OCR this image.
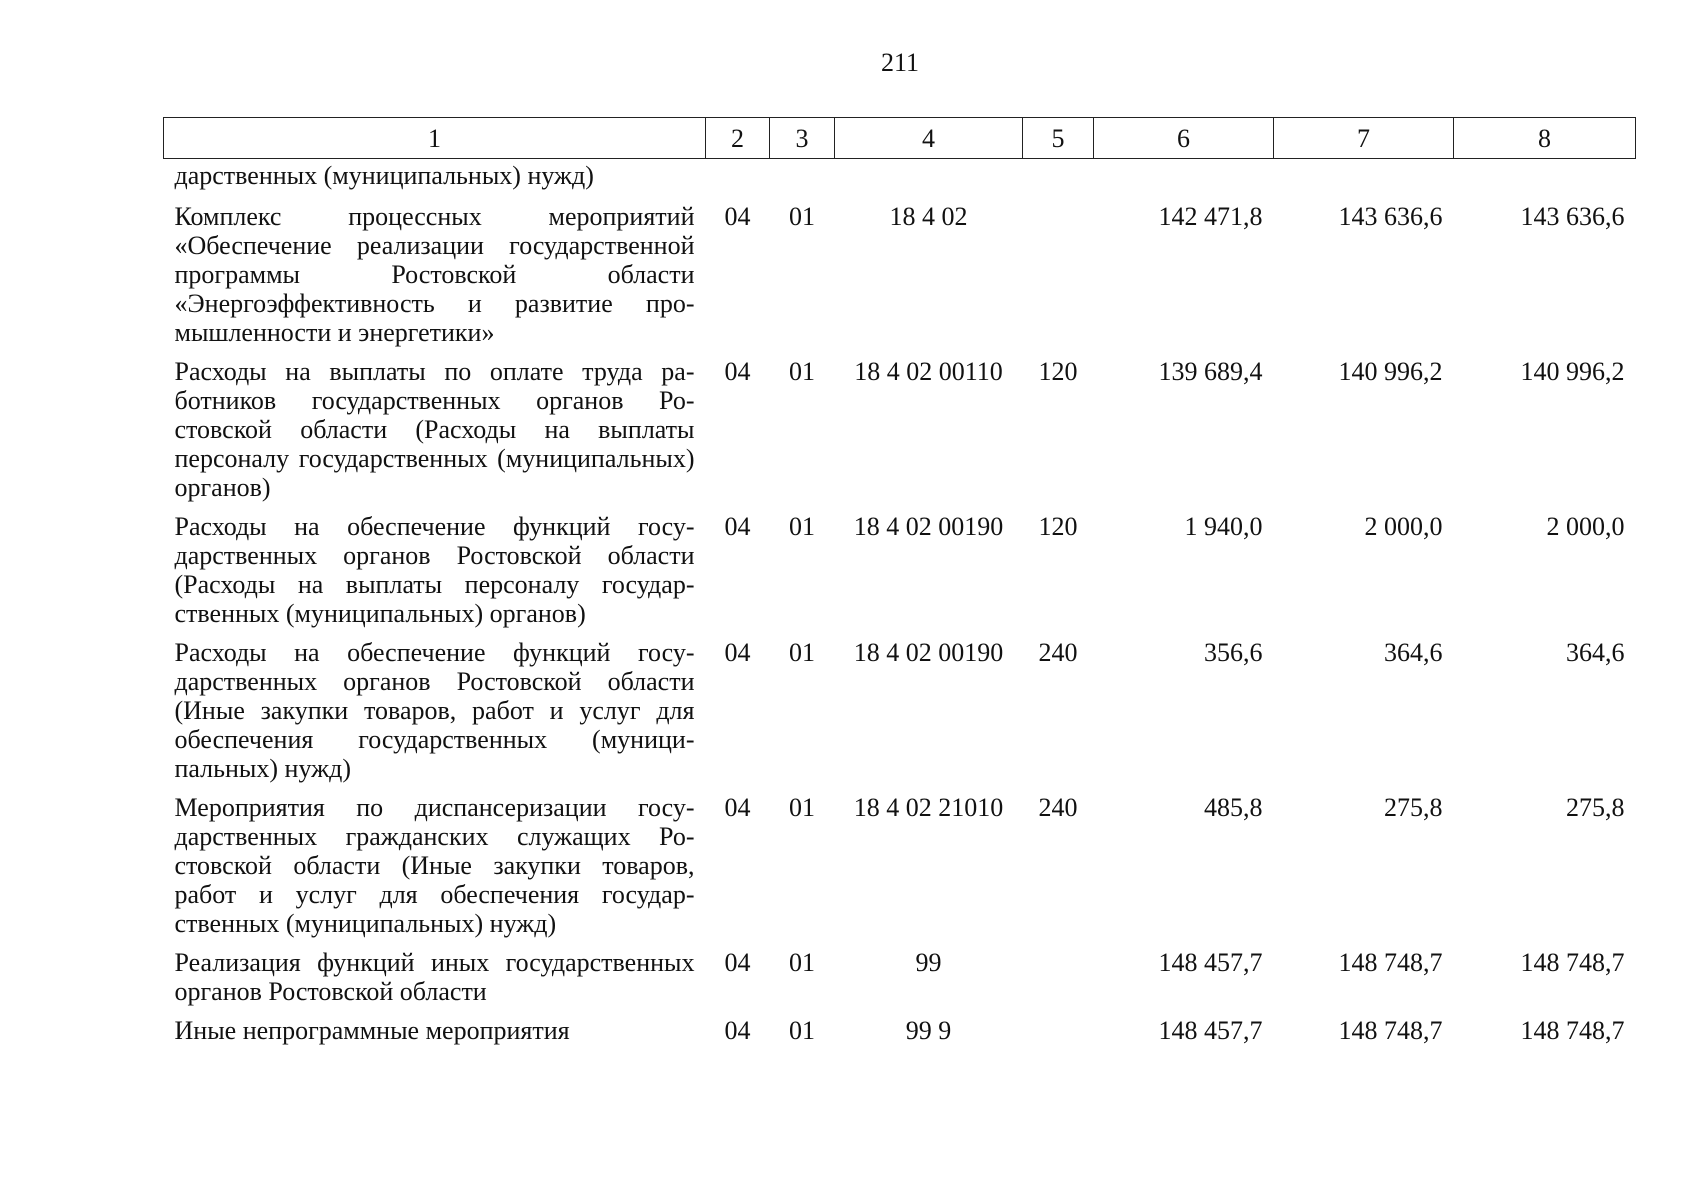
211
1	2	3	4	5	6	7	8
дарственных (муниципальных) нужд)							
Комплекс процессных мероприятий «Обеспечение реализации государственной программы Ростовской области «Энергоэффективность и развитие промышленности и энергетики»	04	01	18 4 02		142 471,8	143 636,6	143 636,6
Расходы на выплаты по оплате труда работников государственных органов Ростовской области (Расходы на выплаты персоналу государственных (муниципальных) органов)	04	01	18 4 02 00110	120	139 689,4	140 996,2	140 996,2
Расходы на обеспечение функций государственных органов Ростовской области (Расходы на выплаты персоналу государственных (муниципальных) органов)	04	01	18 4 02 00190	120	1 940,0	2 000,0	2 000,0
Расходы на обеспечение функций государственных органов Ростовской области (Иные закупки товаров, работ и услуг для обеспечения государственных (муниципальных) нужд)	04	01	18 4 02 00190	240	356,6	364,6	364,6
Мероприятия по диспансеризации государственных гражданских служащих Ростовской области (Иные закупки товаров, работ и услуг для обеспечения государственных (муниципальных) нужд)	04	01	18 4 02 21010	240	485,8	275,8	275,8
Реализация функций иных государственных органов Ростовской области	04	01	99		148 457,7	148 748,7	148 748,7
Иные непрограммные мероприятия	04	01	99 9		148 457,7	148 748,7	148 748,7
